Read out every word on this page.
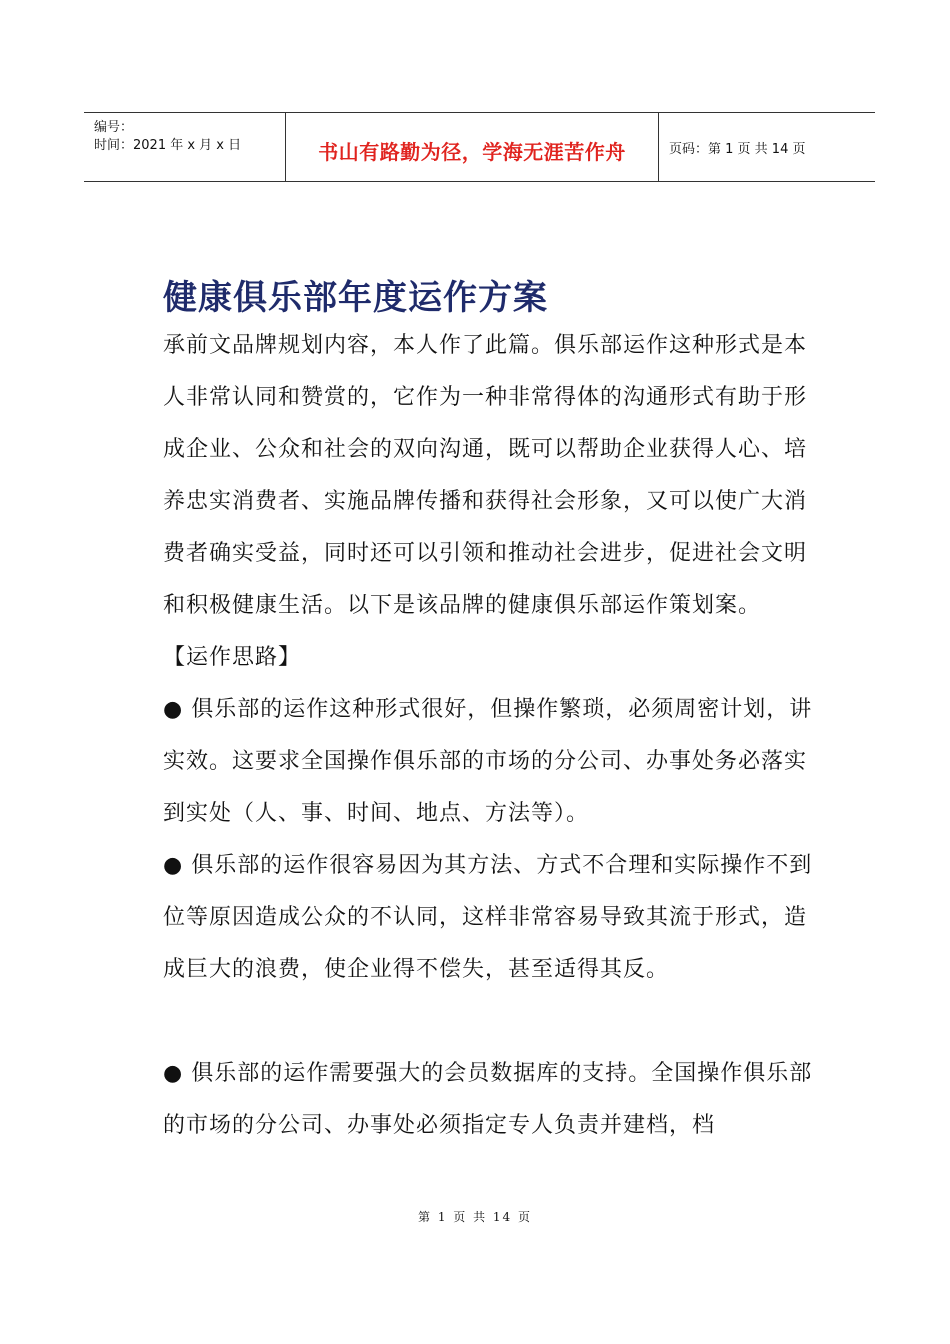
编号：
时间：2021 年 x 月 x 日	书山有路勤为径，学海无涯苦作舟	页码：第 1 页 共 14 页
健康俱乐部年度运作方案

承前文品牌规划内容，本人作了此篇。俱乐部运作这种形式是本人非常认同和赞赏的，它作为一种非常得体的沟通形式有助于形成企业、公众和社会的双向沟通，既可以帮助企业获得人心、培养忠实消费者、实施品牌传播和获得社会形象，又可以使广大消费者确实受益，同时还可以引领和推动社会进步，促进社会文明和积极健康生活。以下是该品牌的健康俱乐部运作策划案。

【运作思路】

● 俱乐部的运作这种形式很好，但操作繁琐，必须周密计划，讲实效。这要求全国操作俱乐部的市场的分公司、办事处务必落实到实处（人、事、时间、地点、方法等）。

● 俱乐部的运作很容易因为其方法、方式不合理和实际操作不到位等原因造成公众的不认同，这样非常容易导致其流于形式，造成巨大的浪费，使企业得不偿失，甚至适得其反。

● 俱乐部的运作需要强大的会员数据库的支持。全国操作俱乐部的市场的分公司、办事处必须指定专人负责并建档，档

第 1 页 共 14 页
